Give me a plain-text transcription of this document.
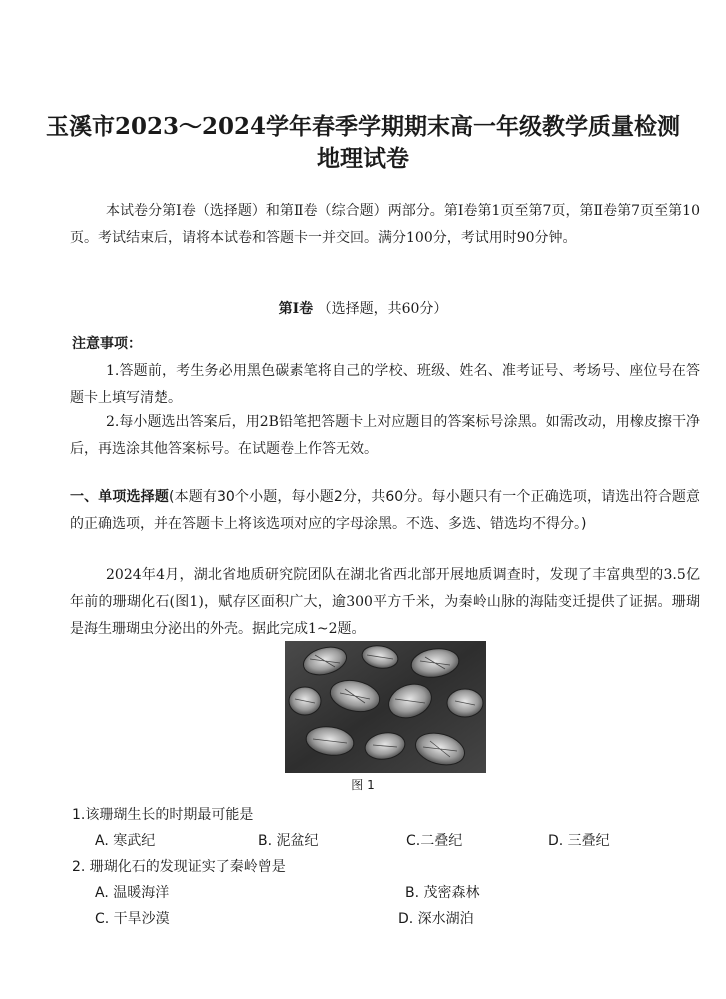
玉溪市2023～2024学年春季学期期末高一年级教学质量检测
地理试卷
本试卷分第Ⅰ卷（选择题）和第Ⅱ卷（综合题）两部分。第Ⅰ卷第1页至第7页，第Ⅱ卷第7页至第10页。考试结束后，请将本试卷和答题卡一并交回。满分100分，考试用时90分钟。
第Ⅰ卷 （选择题，共60分）
注意事项：
1.答题前，考生务必用黑色碳素笔将自己的学校、班级、姓名、准考证号、考场号、座位号在答题卡上填写清楚。
2.每小题选出答案后，用2B铅笔把答题卡上对应题目的答案标号涂黑。如需改动，用橡皮擦干净后，再选涂其他答案标号。在试题卷上作答无效。
一、单项选择题(本题有30个小题，每小题2分，共60分。每小题只有一个正确选项，请选出符合题意的正确选项，并在答题卡上将该选项对应的字母涂黑。不选、多选、错选均不得分。)
2024年4月，湖北省地质研究院团队在湖北省西北部开展地质调查时，发现了丰富典型的3.5亿年前的珊瑚化石(图1)，赋存区面积广大，逾300平方千米，为秦岭山脉的海陆变迁提供了证据。珊瑚是海生珊瑚虫分泌出的外壳。据此完成1~2题。
图 1
1.该珊瑚生长的时期最可能是
A. 寒武纪	B. 泥盆纪	C.二叠纪	D. 三叠纪
2. 珊瑚化石的发现证实了秦岭曾是
A. 温暖海洋	B. 茂密森林
C. 干旱沙漠	D. 深水湖泊
